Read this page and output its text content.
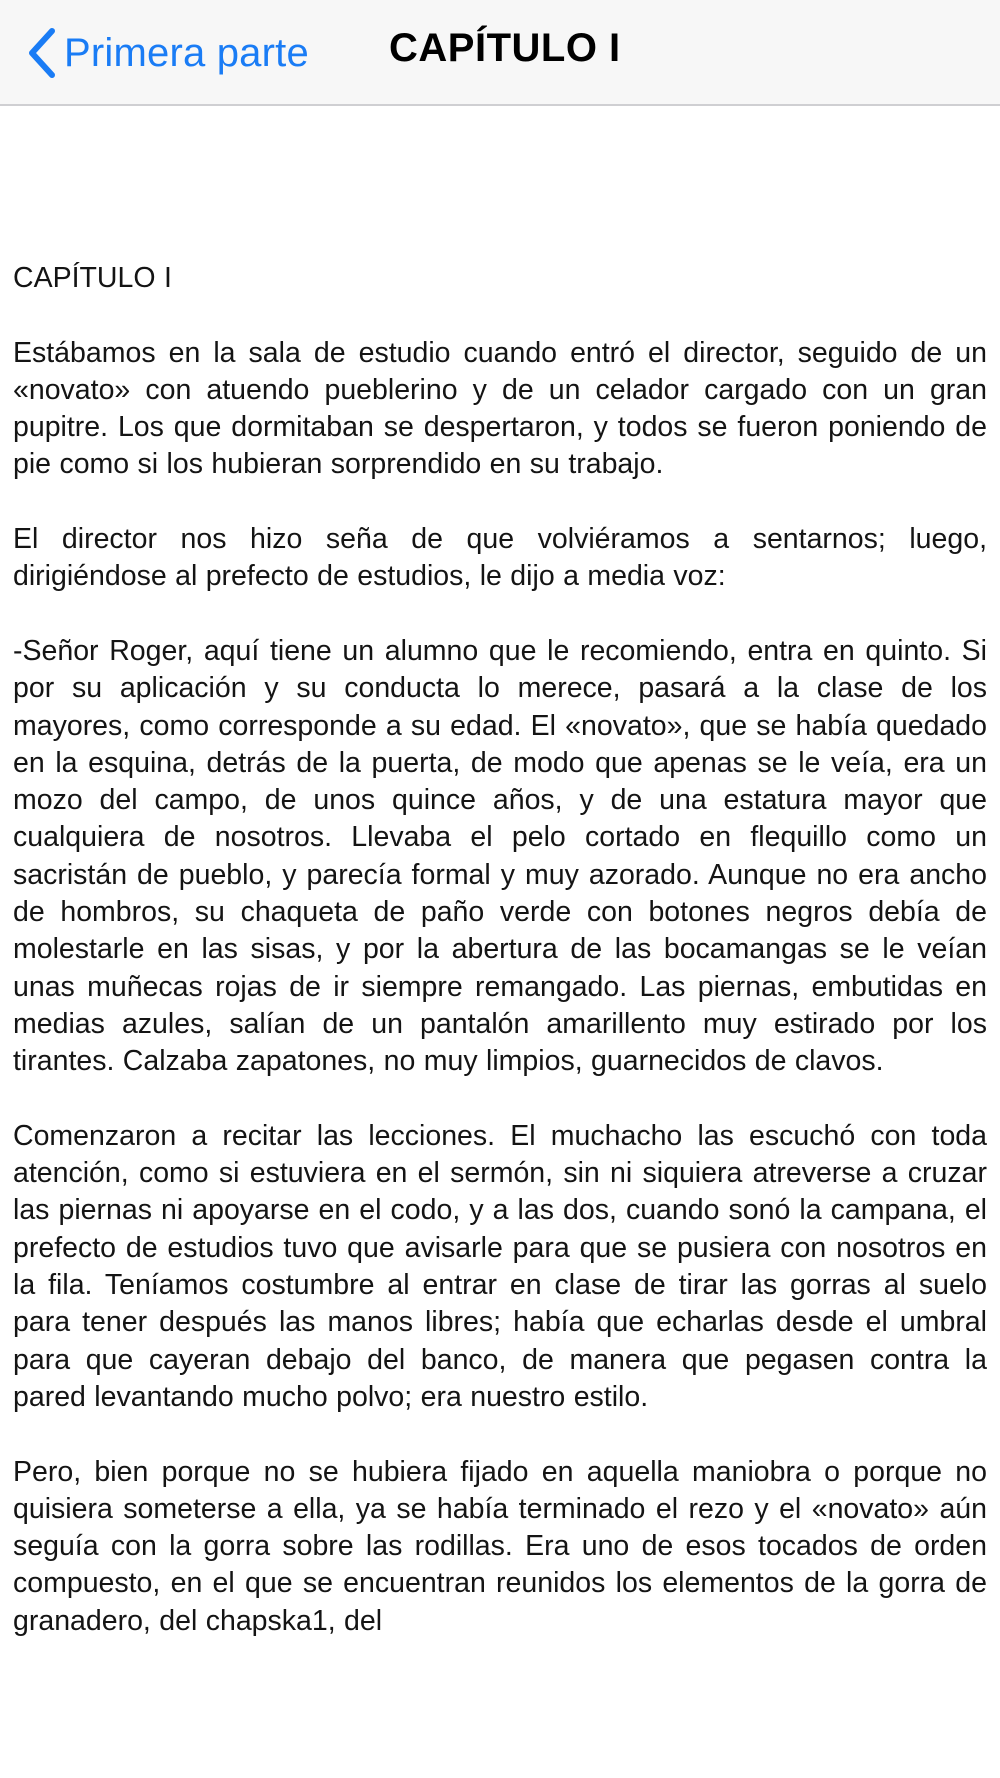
Primera parte CAPÍTULO I

CAPÍTULO I

Estábamos en la sala de estudio cuando entró el director, seguido de un «novato» con atuendo pueblerino y de un celador cargado con un gran pupitre. Los que dormitaban se despertaron, y todos se fueron poniendo de pie como si los hubieran sorprendido en su trabajo.

El director nos hizo seña de que volviéramos a sentarnos; luego, dirigiéndose al prefecto de estudios, le dijo a media voz:

-Señor Roger, aquí tiene un alumno que le recomiendo, entra en quinto. Si por su aplicación y su conducta lo merece, pasará a la clase de los mayores, como corresponde a su edad. El «novato», que se había quedado en la esquina, detrás de la puerta, de modo que apenas se le veía, era un mozo del campo, de unos quince años, y de una estatura mayor que cualquiera de nosotros. Llevaba el pelo cortado en flequillo como un sacristán de pueblo, y parecía formal y muy azorado. Aunque no era ancho de hombros, su chaqueta de paño verde con botones negros debía de molestarle en las sisas, y por la abertura de las bocamangas se le veían unas muñecas rojas de ir siempre remangado. Las piernas, embutidas en medias azules, salían de un pantalón amarillento muy estirado por los tirantes. Calzaba zapatones, no muy limpios, guarnecidos de clavos.

Comenzaron a recitar las lecciones. El muchacho las escuchó con toda atención, como si estuviera en el sermón, sin ni siquiera atreverse a cruzar las piernas ni apoyarse en el codo, y a las dos, cuando sonó la campana, el prefecto de estudios tuvo que avisarle para que se pusiera con nosotros en la fila. Teníamos costumbre al entrar en clase de tirar las gorras al suelo para tener después las manos libres; había que echarlas desde el umbral para que cayeran debajo del banco, de manera que pegasen contra la pared levantando mucho polvo; era nuestro estilo.

Pero, bien porque no se hubiera fijado en aquella maniobra o porque no quisiera someterse a ella, ya se había terminado el rezo y el «novato» aún seguía con la gorra sobre las rodillas. Era uno de esos tocados de orden compuesto, en el que se encuentran reunidos los elementos de la gorra de granadero, del chapska1, del
